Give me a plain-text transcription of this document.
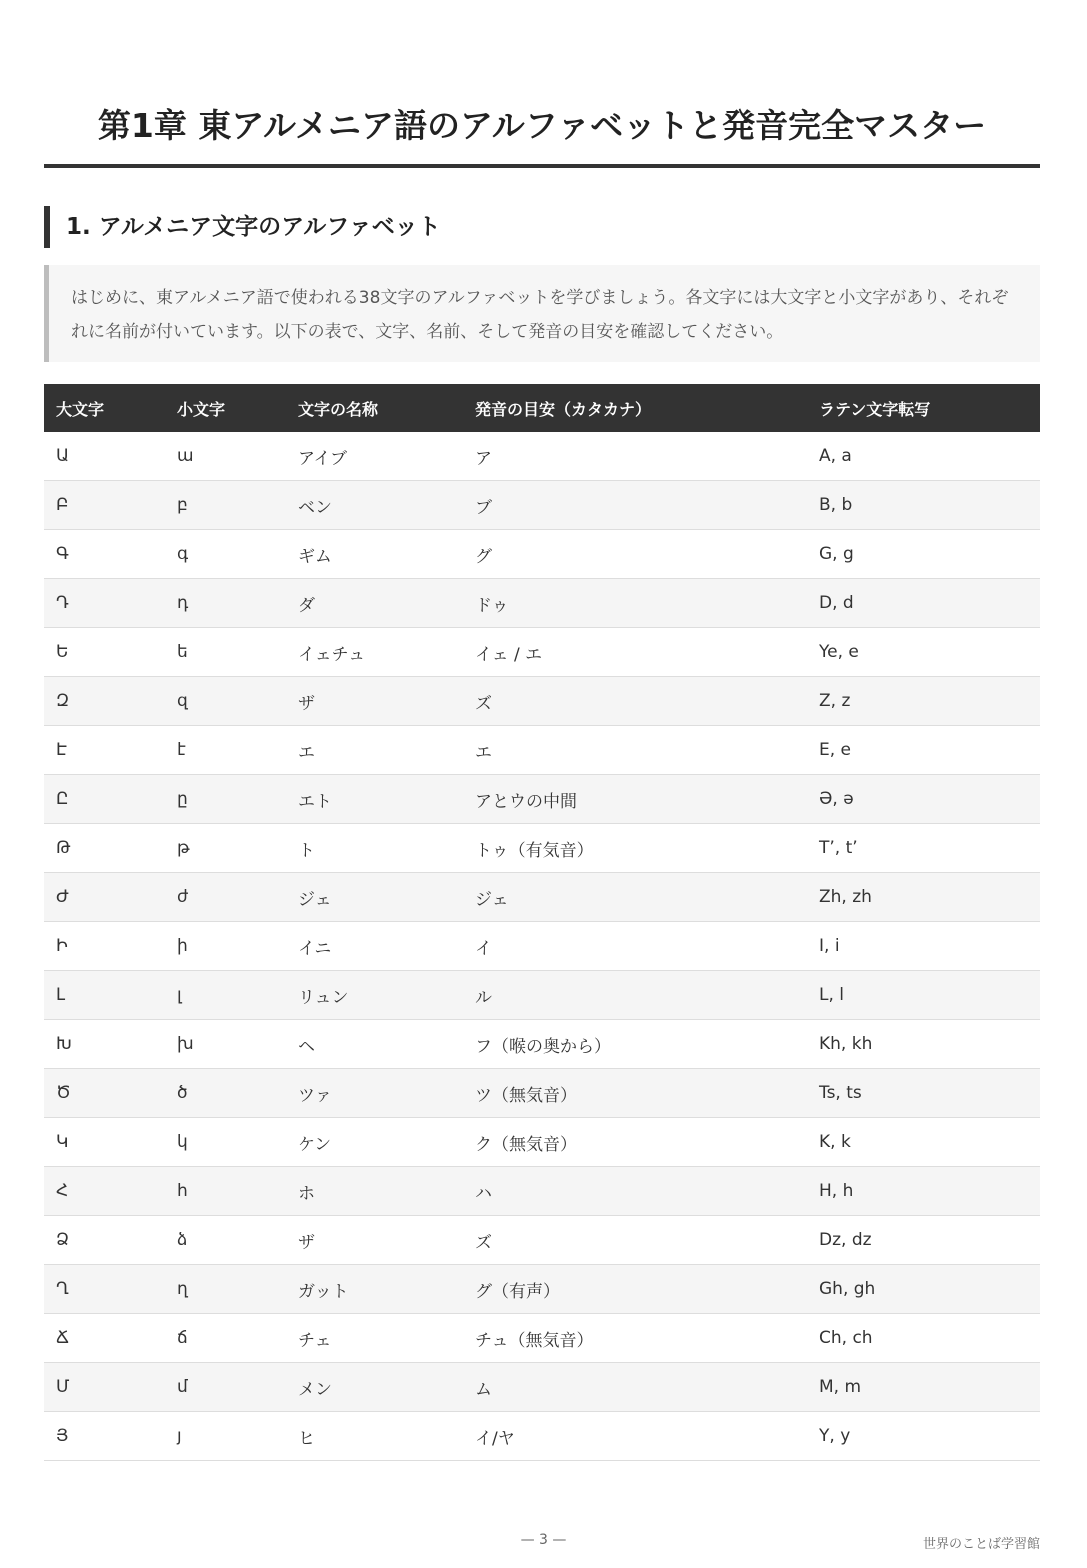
第1章 東アルメニア語のアルファベットと発音完全マスター
1. アルメニア文字のアルファベット
はじめに、東アルメニア語で使われる38文字のアルファベットを学びましょう。各文字には大文字と小文字があり、それぞれに名前が付いています。以下の表で、文字、名前、そして発音の目安を確認してください。
大文字	小文字	文字の名称	発音の目安（カタカナ）	ラテン文字転写
Ա	ա	アイブ	ア	A, a
Բ	բ	ベン	ブ	B, b
Գ	գ	ギム	グ	G, g
Դ	դ	ダ	ドゥ	D, d
Ե	ե	イェチュ	イェ / エ	Ye, e
Զ	զ	ザ	ズ	Z, z
Է	է	エ	エ	E, e
Ը	ը	エト	アとウの中間	Ə, ə
Թ	թ	ト	トゥ（有気音）	T’, t’
Ժ	ժ	ジェ	ジェ	Zh, zh
Ի	ի	イニ	イ	I, i
Լ	լ	リュン	ル	L, l
Խ	խ	ヘ	フ（喉の奥から）	Kh, kh
Ծ	ծ	ツァ	ツ（無気音）	Ts, ts
Կ	կ	ケン	ク（無気音）	K, k
Հ	հ	ホ	ハ	H, h
Ձ	ձ	ザ	ズ	Dz, dz
Ղ	ղ	ガット	グ（有声）	Gh, gh
Ճ	ճ	チェ	チュ（無気音）	Ch, ch
Մ	մ	メン	ム	M, m
Յ	յ	ヒ	イ/ヤ	Y, y
— 3 —	世界のことば学習館
